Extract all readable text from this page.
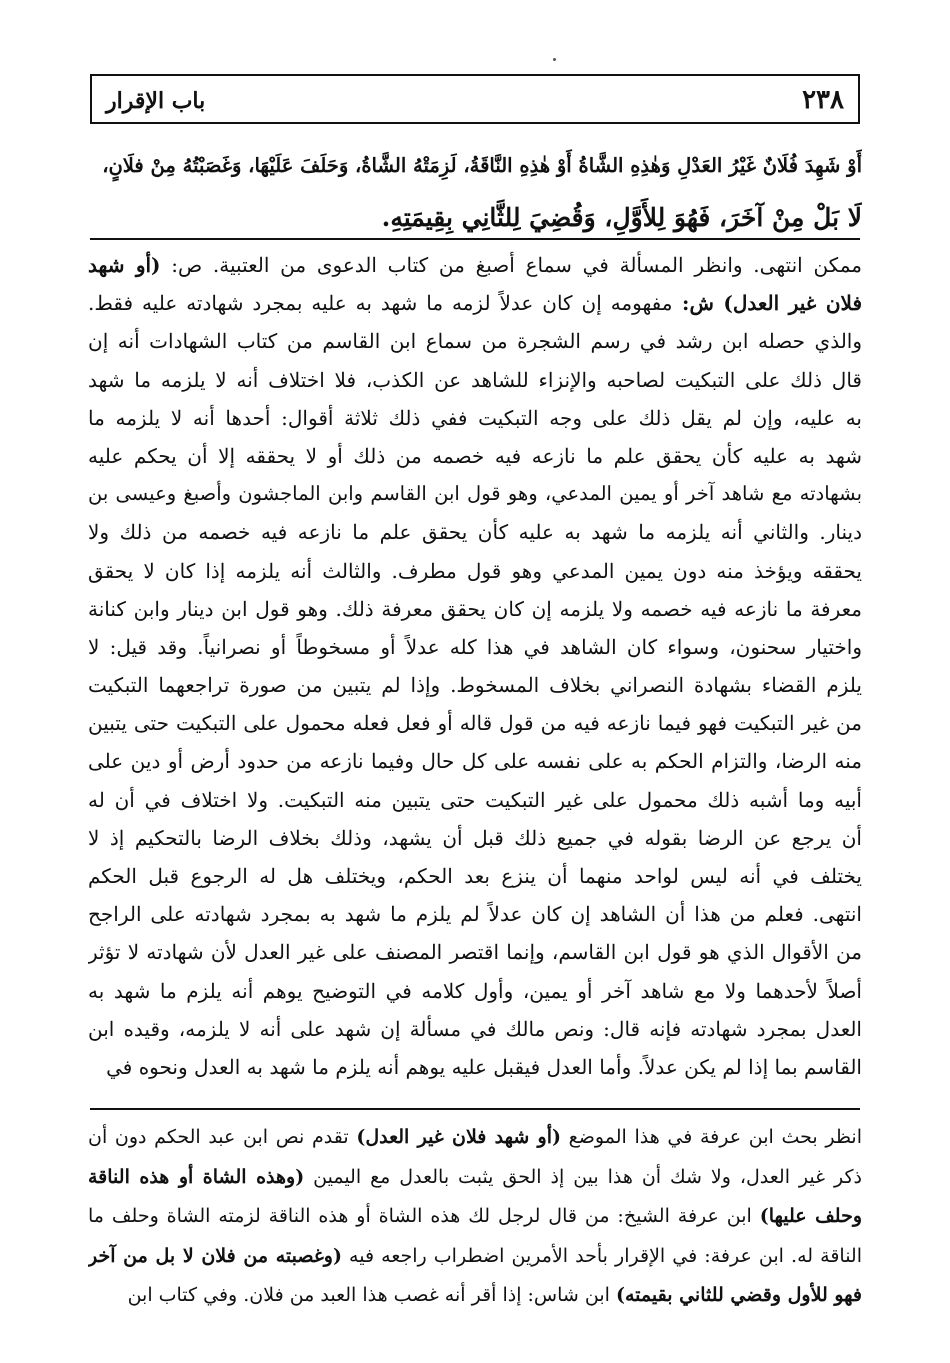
٢٣٨
باب الإقرار
أَوْ شَهِدَ فُلَانٌ غَيْرُ العَدْلِ وَهٰذِهِ الشَّاةُ أَوْ هٰذِهِ النَّاقَةُ، لَزِمَتْهُ الشَّاةُ، وَحَلَفَ عَلَيْهَا، وَغَصَبْتُهُ مِنْ فلَانٍ،
لَا بَلْ مِنْ آخَرَ، فَهُوَ لِلأَوَّلِ، وَقُضِيَ لِلثَّانِي بِقِيمَتِهِ.
ممكن انتهى. وانظر المسألة في سماع أصبغ من كتاب الدعوى من العتبية. ص: (أو شهد
فلان غير العدل) ش: مفهومه إن كان عدلاً لزمه ما شهد به عليه بمجرد شهادته عليه فقط.
والذي حصله ابن رشد في رسم الشجرة من سماع ابن القاسم من كتاب الشهادات أنه إن
قال ذلك على التبكيت لصاحبه والإنزاء للشاهد عن الكذب، فلا اختلاف أنه لا يلزمه ما شهد
به عليه، وإن لم يقل ذلك على وجه التبكيت ففي ذلك ثلاثة أقوال: أحدها أنه لا يلزمه ما
شهد به عليه كأن يحقق علم ما نازعه فيه خصمه من ذلك أو لا يحققه إلا أن يحكم عليه
بشهادته مع شاهد آخر أو يمين المدعي، وهو قول ابن القاسم وابن الماجشون وأصبغ وعيسى بن
دينار. والثاني أنه يلزمه ما شهد به عليه كأن يحقق علم ما نازعه فيه خصمه من ذلك ولا
يحققه ويؤخذ منه دون يمين المدعي وهو قول مطرف. والثالث أنه يلزمه إذا كان لا يحقق
معرفة ما نازعه فيه خصمه ولا يلزمه إن كان يحقق معرفة ذلك. وهو قول ابن دينار وابن كنانة
واختيار سحنون، وسواء كان الشاهد في هذا كله عدلاً أو مسخوطاً أو نصرانياً. وقد قيل: لا
يلزم القضاء بشهادة النصراني بخلاف المسخوط. وإذا لم يتبين من صورة تراجعهما التبكيت
من غير التبكيت فهو فيما نازعه فيه من قول قاله أو فعل فعله محمول على التبكيت حتى يتبين
منه الرضا، والتزام الحكم به على نفسه على كل حال وفيما نازعه من حدود أرض أو دين على
أبيه وما أشبه ذلك محمول على غير التبكيت حتى يتبين منه التبكيت. ولا اختلاف في أن له
أن يرجع عن الرضا بقوله في جميع ذلك قبل أن يشهد، وذلك بخلاف الرضا بالتحكيم إذ لا
يختلف في أنه ليس لواحد منهما أن ينزع بعد الحكم، ويختلف هل له الرجوع قبل الحكم
انتهى. فعلم من هذا أن الشاهد إن كان عدلاً لم يلزم ما شهد به بمجرد شهادته على الراجح
من الأقوال الذي هو قول ابن القاسم، وإنما اقتصر المصنف على غير العدل لأن شهادته لا تؤثر
أصلاً لأحدهما ولا مع شاهد آخر أو يمين، وأول كلامه في التوضيح يوهم أنه يلزم ما شهد به
العدل بمجرد شهادته فإنه قال: ونص مالك في مسألة إن شهد على أنه لا يلزمه، وقيده ابن
القاسم بما إذا لم يكن عدلاً. وأما العدل فيقبل عليه يوهم أنه يلزم ما شهد به العدل ونحوه في
انظر بحث ابن عرفة في هذا الموضع (أو شهد فلان غير العدل) تقدم نص ابن عبد الحكم دون أن
ذكر غير العدل، ولا شك أن هذا بين إذ الحق يثبت بالعدل مع اليمين (وهذه الشاة أو هذه الناقة
وحلف عليها) ابن عرفة الشيخ: من قال لرجل لك هذه الشاة أو هذه الناقة لزمته الشاة وحلف ما
الناقة له. ابن عرفة: في الإقرار بأحد الأمرين اضطراب راجعه فيه (وغصبته من فلان لا بل من آخر
فهو للأول وقضي للثاني بقيمته) ابن شاس: إذا أقر أنه غصب هذا العبد من فلان. وفي كتاب ابن
